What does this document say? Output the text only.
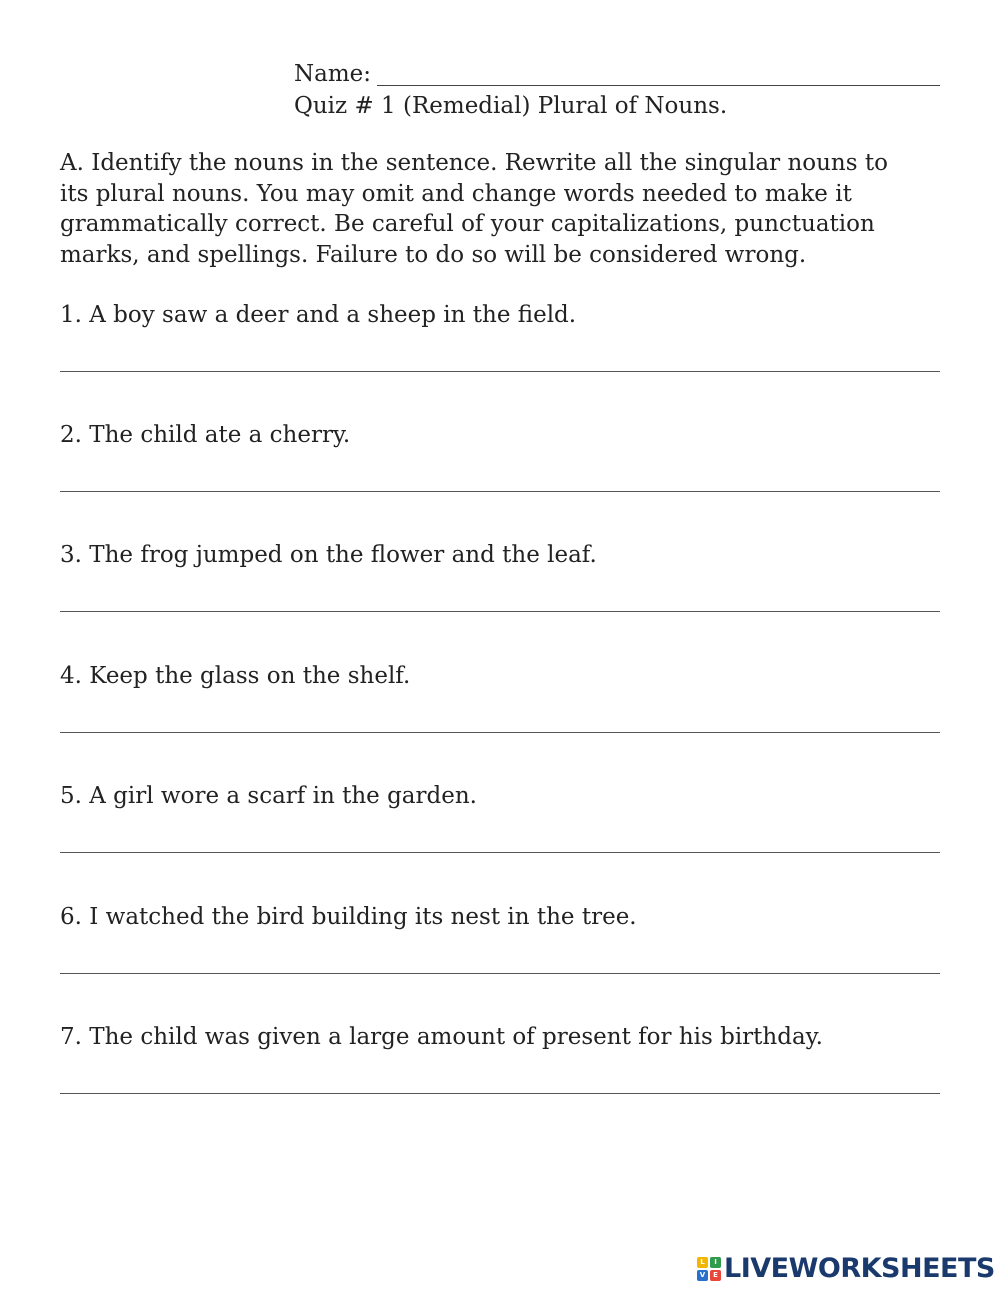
Name:
Quiz # 1 (Remedial) Plural of Nouns.
A. Identify the nouns in the sentence. Rewrite all the singular nouns to
its plural nouns. You may omit and change words needed to make it
grammatically correct. Be careful of your capitalizations, punctuation
marks, and spellings. Failure to do so will be considered wrong.
1. A boy saw a deer and a sheep in the field.
2. The child ate a cherry.
3. The frog jumped on the flower and the leaf.
4. Keep the glass on the shelf.
5. A girl wore a scarf in the garden.
6. I watched the bird building its nest in the tree.
7. The child was given a large amount of present for his birthday.
L	I
V	E LIVEWORKSHEETS
